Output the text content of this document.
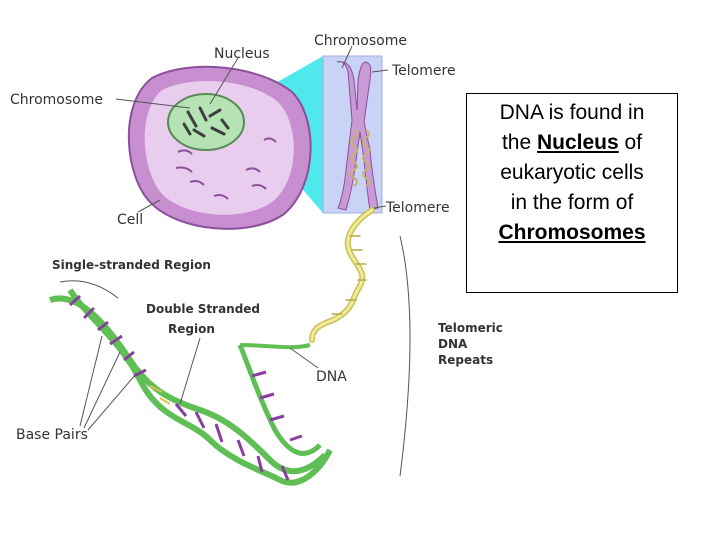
Nucleus
Chromosome
Telomere
Chromosome
Telomere
Cell
Single-stranded Region
Double Stranded
Region	Telomeric
DNA
Repeats
DNA
Base Pairs
DNA is found in
the Nucleus of
eukaryotic cells
in the form of
Chromosomes
